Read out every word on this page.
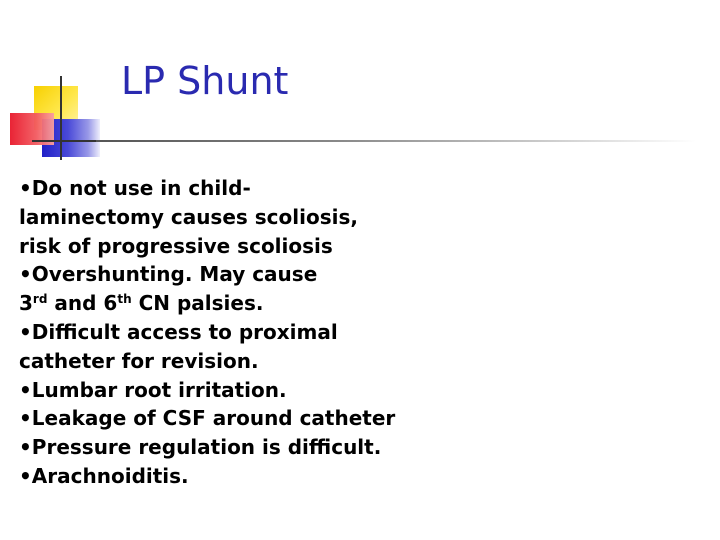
LP Shunt
•Do not use in child-
laminectomy causes scoliosis,
risk of progressive scoliosis
•Overshunting. May cause
3rd and 6th CN palsies.
•Difficult access to proximal
catheter for revision.
•Lumbar root irritation.
•Leakage of CSF around catheter
•Pressure regulation is difficult.
•Arachnoiditis.
